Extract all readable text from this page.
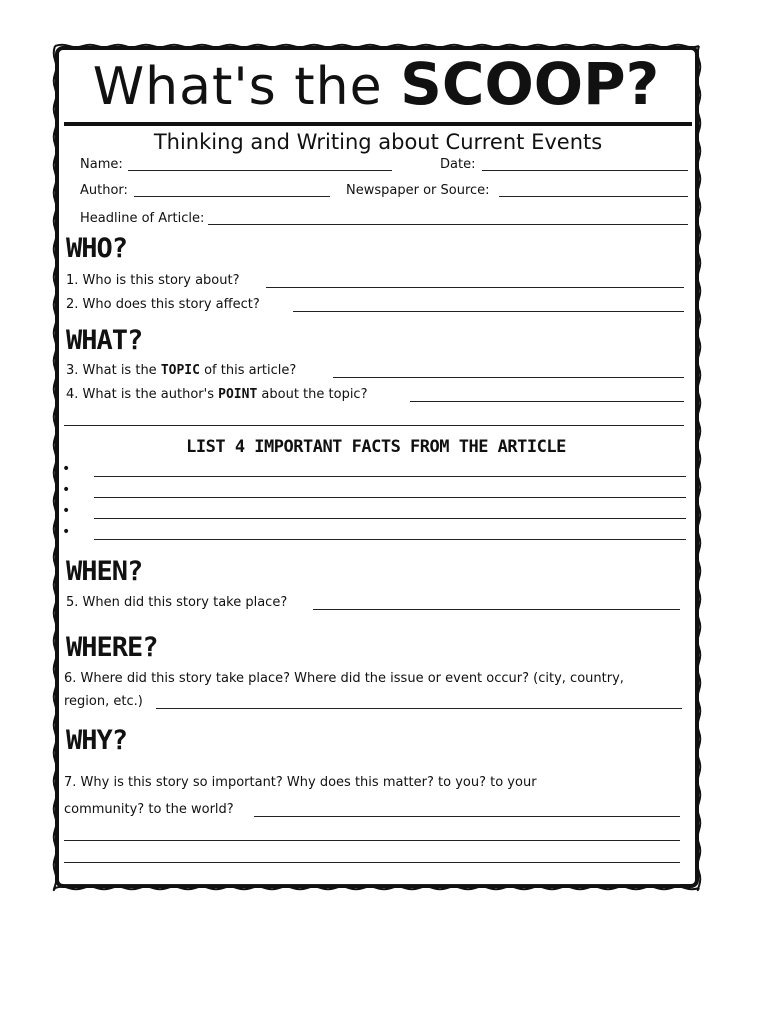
What's the SCOOP?
Thinking and Writing about Current Events
Name:	Date:
Author:	Newspaper or Source:
Headline of Article:
WHO?
1. Who is this story about?
2. Who does this story affect?
WHAT?
3. What is the TOPIC of this article?
4. What is the author's POINT about the topic?
LIST 4 IMPORTANT FACTS FROM THE ARTICLE
•
•
•
•
WHEN?
5. When did this story take place?
WHERE?
6. Where did this story take place? Where did the issue or event occur? (city, country,
region, etc.)
WHY?
7. Why is this story so important? Why does this matter? to you? to your
community? to the world?
